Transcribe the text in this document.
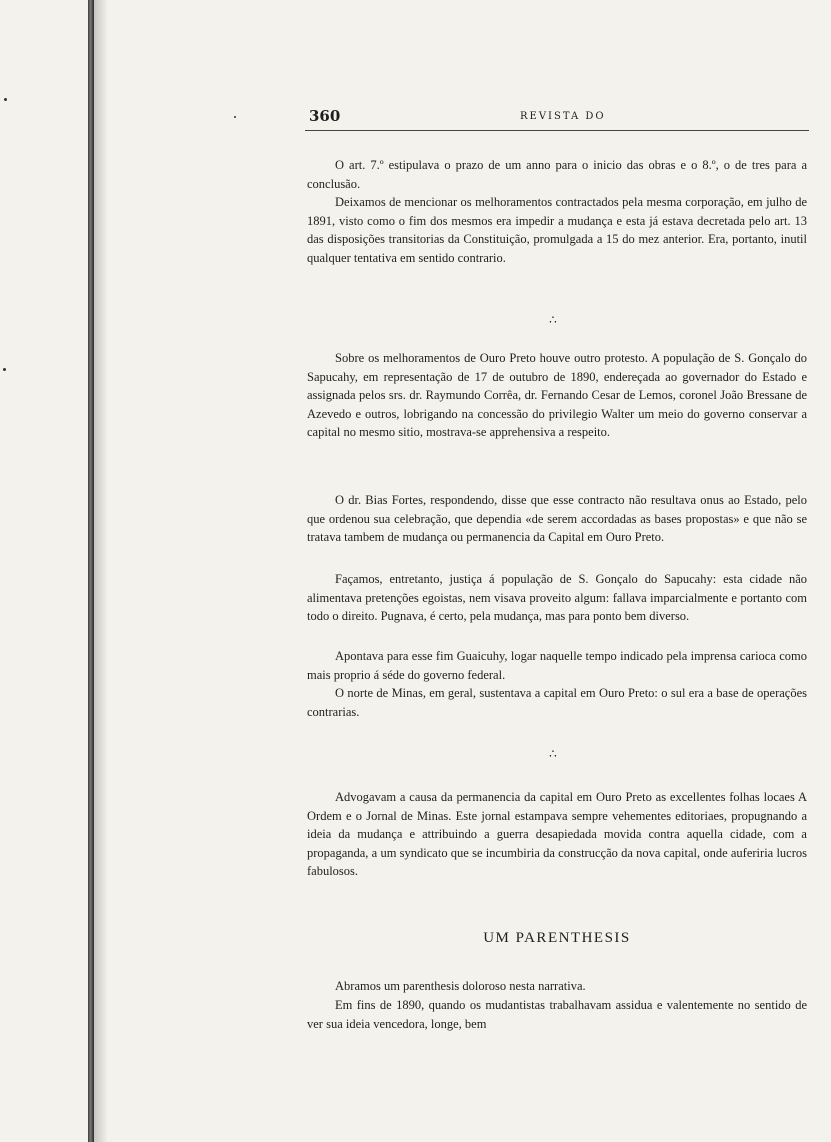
360	REVISTA DO

O art. 7.º estipulava o prazo de um anno para o inicio das obras e o 8.º, o de tres para a conclusão.

Deixamos de mencionar os melhoramentos contractados pela mesma corporação, em julho de 1891, visto como o fim dos mesmos era impedir a mudança e esta já estava decretada pelo art. 13 das disposições transitorias da Constituição, promulgada a 15 do mez anterior. Era, portanto, inutil qualquer tentativa em sentido contrario.

∴

Sobre os melhoramentos de Ouro Preto houve outro protesto. A população de S. Gonçalo do Sapucahy, em representação de 17 de outubro de 1890, endereçada ao governador do Estado e assignada pelos srs. dr. Raymundo Corrêa, dr. Fernando Cesar de Lemos, coronel João Bressane de Azevedo e outros, lobrigando na concessão do privilegio Walter um meio do governo conservar a capital no mesmo sitio, mostrava-se apprehensiva a respeito.

O dr. Bias Fortes, respondendo, disse que esse contracto não resultava onus ao Estado, pelo que ordenou sua celebração, que dependia «de serem accordadas as bases propostas» e que não se tratava tambem de mudança ou permanencia da Capital em Ouro Preto.

Façamos, entretanto, justiça á população de S. Gonçalo do Sapucahy: esta cidade não alimentava pretenções egoistas, nem visava proveito algum: fallava imparcialmente e portanto com todo o direito. Pugnava, é certo, pela mudança, mas para ponto bem diverso.

Apontava para esse fim Guaicuhy, logar naquelle tempo indicado pela imprensa carioca como mais proprio á séde do governo federal.

O norte de Minas, em geral, sustentava a capital em Ouro Preto: o sul era a base de operações contrarias.

∴

Advogavam a causa da permanencia da capital em Ouro Preto as excellentes folhas locaes A Ordem e o Jornal de Minas. Este jornal estampava sempre vehementes editoriaes, propugnando a ideia da mudança e attribuindo a guerra desapiedada movida contra aquella cidade, com a propaganda, a um syndicato que se incumbiria da construcção da nova capital, onde auferiria lucros fabulosos.

UM PARENTHESIS

Abramos um parenthesis doloroso nesta narrativa.

Em fins de 1890, quando os mudantistas trabalhavam assidua e valentemente no sentido de ver sua ideia vencedora, longe, bem
